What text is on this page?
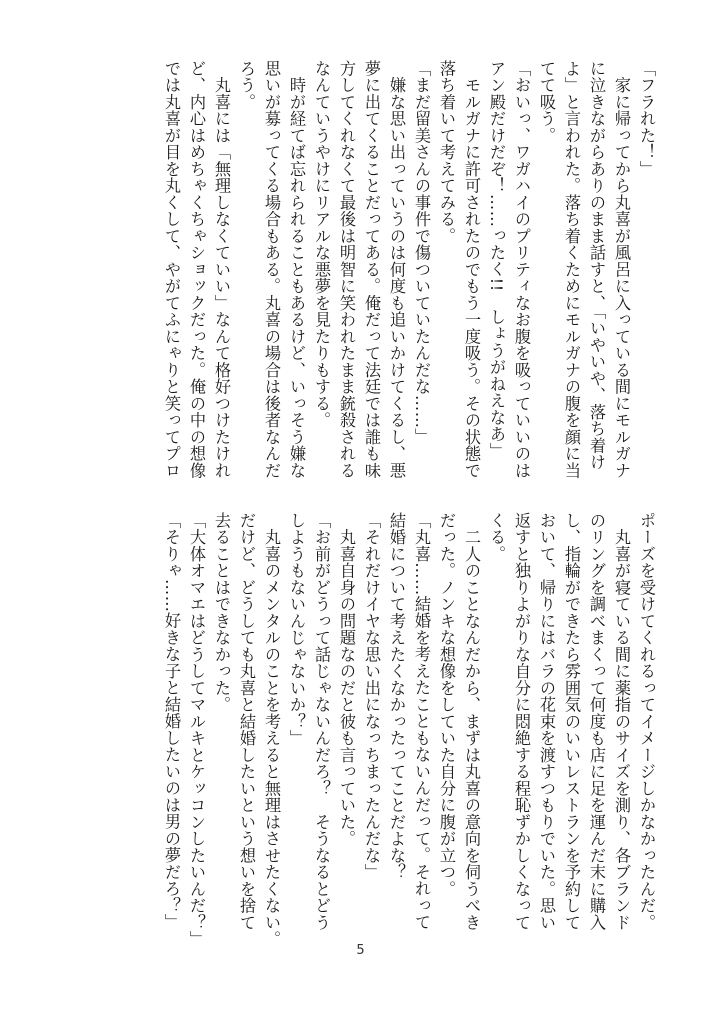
「フラれた！」
　家に帰ってから丸喜が風呂に入っている間にモルガナ
に泣きながらありのまま話すと、「いやいや、落ち着け
よ」と言われた。落ち着くためにモルガナの腹を顔に当
てて吸う。
「おいっ、ワガハイのプリティなお腹を吸っていいのは
アン殿だけだぞ！……ったく!!　しょうがねえなあ」
　モルガナに許可されたのでもう一度吸う。その状態で
落ち着いて考えてみる。
「まだ留美さんの事件で傷ついていたんだな……」
　嫌な思い出っていうのは何度も追いかけてくるし、悪
夢に出てくることだってある。俺だって法廷では誰も味
方してくれなくて最後は明智に笑われたまま銃殺される
なんていうやけにリアルな悪夢を見たりもする。
　時が経てば忘れられることもあるけど、いっそう嫌な
思いが募ってくる場合もある。丸喜の場合は後者なんだ
ろう。
　丸喜には「無理しなくていい」なんて格好つけたけれ
ど、内心はめちゃくちゃショックだった。俺の中の想像
では丸喜が目を丸くして、やがてふにゃりと笑ってプロ
ポーズを受けてくれるってイメージしかなかったんだ。
　丸喜が寝ている間に薬指のサイズを測り、各ブランド
のリングを調べまくって何度も店に足を運んだ末に購入
し、指輪ができたら雰囲気のいいレストランを予約して
おいて、帰りにはバラの花束を渡すつもりでいた。思い
返すと独りよがりな自分に悶絶する程恥ずかしくなって
くる。
　二人のことなんだから、まずは丸喜の意向を伺うべき
だった。ノンキな想像をしていた自分に腹が立つ。
「丸喜……結婚を考えたこともないんだって。それって
結婚について考えたくなかったってことだよな？
「それだけイヤな思い出になっちまったんだな」
　丸喜自身の問題なのだと彼も言っていた。
「お前がどうって話じゃないんだろ？　そうなるとどう
しようもないんじゃないか？」
　丸喜のメンタルのことを考えると無理はさせたくない。
だけど、どうしても丸喜と結婚したいという想いを捨て
去ることはできなかった。
「大体オマエはどうしてマルキとケッコンしたいんだ？」
「そりゃ……好きな子と結婚したいのは男の夢だろ？」
5
